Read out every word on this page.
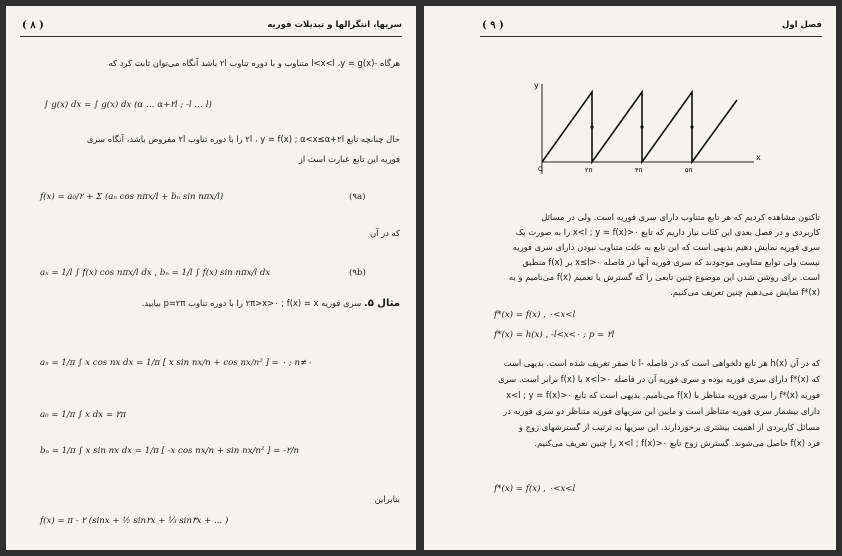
( ۸ )	سریها، انتگرالها و تبدیلات فوریه
هرگاه -l<x<l ،y = g(x) متناوب و با دوره تناوب ۲l باشد آنگاه می‌توان ثابت کرد که
∫ g(x) dx = ∫ g(x) dx (α … α+۲l ; -l … l)
حال چنانچه تابع ۲l ، y = f(x) ; α<x≤α+۲l را با دوره تناوب ۲l مفروض باشد، آنگاه سری
فوریه این تابع عبارت است از
f(x) = a₀/۲ + Σ (aₙ cos nπx/l + bₙ sin nπx/l)	(۹a)
که در آن
aₙ = 1/l ∫ f(x) cos nπx/l dx , bₙ = 1/l ∫ f(x) sin nπx/l dx	(۹b)
مثال ۵. سری فوریه ۲π>x>۰ ; f(x) = x را با دوره تناوب p=۲π بیابید.
aₙ = 1/π ∫ x cos nx dx = 1/π [ x sin nx/n + cos nx/n² ] = ۰ ; n≠۰
a₀ = 1/π ∫ x dx = ۲π
bₙ = 1/π ∫ x sin nx dx = 1/π [ -x cos nx/n + sin nx/n² ] = -۲/n
بنابراین
f(x) = π - ۲ (sinx + ½ sin۲x + ⅓ sin۳x + ... )
( ۹ )	فصل اول
y
x
O	۲π	۴π	۵π
تاکنون مشاهده کردیم که هر تابع متناوب دارای سری فوریه است. ولی در مسائل
کاربردی و در فصل بعدی این کتاب نیاز داریم که تابع ۰<x<l ; y = f(x) را به صورت یک
سری فوریه نمایش دهیم بدیهی است که این تابع به علت متناوب نبودن دارای سری فوریه
نیست ولی توابع متناوبی موجودند که سری فوریه آنها در فاصله ۰<x≤l بر f(x) منطبق
است. برای روشن شدن این موضوع چنین تابعی را که گسترش یا تعمیم f(x) می‌نامیم و به
f*(x) نمایش می‌دهیم چنین تعریف می‌کنیم.
f*(x) = f(x) , ۰<x<l
f*(x) = h(x) , -l<x<۰ ; p = ۲l
که در آن h(x) هر تابع دلخواهی است که در فاصله -l تا صفر تعریف شده است. بدیهی است
که f*(x) دارای سری فوریه بوده و سری فوریه آن در فاصله ۰<x<l با f(x) برابر است. سری
فوریه f*(x) را سری فوریه متناظر با f(x) می‌نامیم. بدیهی است که تابع ۰<x<l ; y = f(x)
دارای بیشمار سری فوریه متناظر است و مابین این سریهای فوریه متناظر دو سری فوریه در
مسائل کاربردی از اهمیت بیشتری برخوردارند. این سریها به ترتیب از گسترشهای زوج و
فرد f(x) حاصل می‌شوند. گسترش زوج تابع ۰<x<l ; f(x) را چنین تعریف می‌کنیم.
f*(x) = f(x) , ۰<x<l
